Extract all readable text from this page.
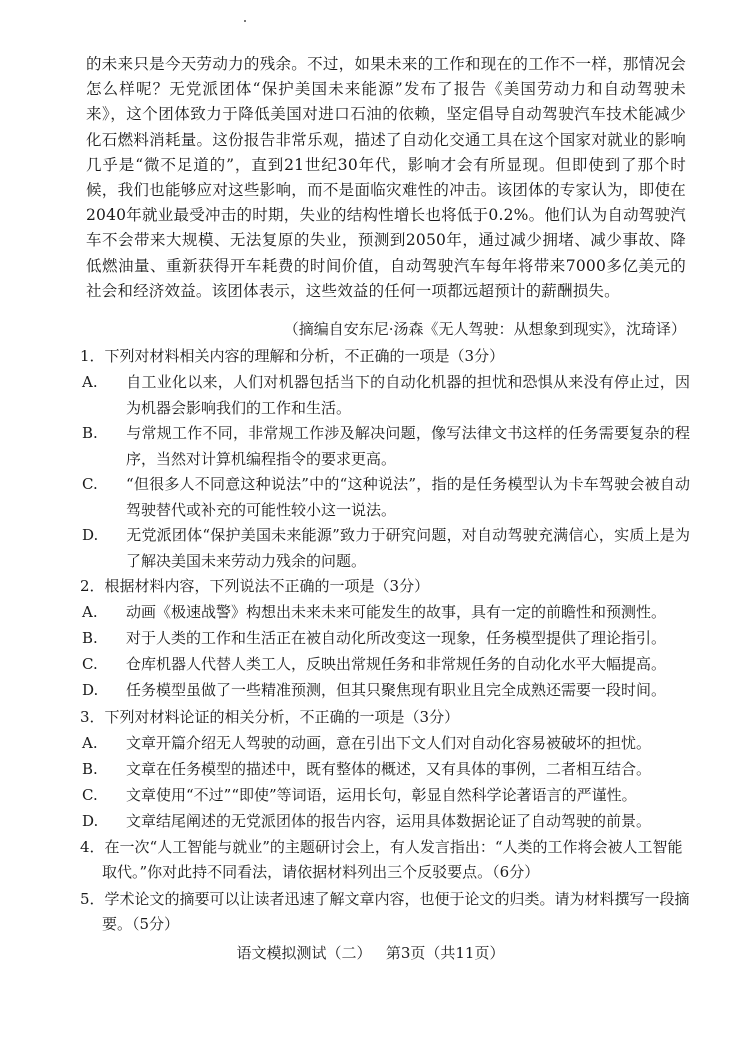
的未来只是今天劳动力的残余。不过，如果未来的工作和现在的工作不一样，那情况会怎么样呢？无党派团体“保护美国未来能源”发布了报告《美国劳动力和自动驾驶未来》，这个团体致力于降低美国对进口石油的依赖，坚定倡导自动驾驶汽车技术能减少化石燃料消耗量。这份报告非常乐观，描述了自动化交通工具在这个国家对就业的影响几乎是“微不足道的”，直到21世纪30年代，影响才会有所显现。但即使到了那个时候，我们也能够应对这些影响，而不是面临灾难性的冲击。该团体的专家认为，即使在2040年就业最受冲击的时期，失业的结构性增长也将低于0.2%。他们认为自动驾驶汽车不会带来大规模、无法复原的失业，预测到2050年，通过减少拥堵、减少事故、降低燃油量、重新获得开车耗费的时间价值，自动驾驶汽车每年将带来7000多亿美元的社会和经济效益。该团体表示，这些效益的任何一项都远超预计的薪酬损失。

（摘编自安东尼·汤森《无人驾驶：从想象到现实》，沈琦译）
1．下列对材料相关内容的理解和分析，不正确的一项是（3分）
A. 自工业化以来，人们对机器包括当下的自动化机器的担忧和恐惧从来没有停止过，因为机器会影响我们的工作和生活。
B. 与常规工作不同，非常规工作涉及解决问题，像写法律文书这样的任务需要复杂的程序，当然对计算机编程指令的要求更高。
C. “但很多人不同意这种说法”中的“这种说法”，指的是任务模型认为卡车驾驶会被自动驾驶替代或补充的可能性较小这一说法。
D. 无党派团体“保护美国未来能源”致力于研究问题，对自动驾驶充满信心，实质上是为了解决美国未来劳动力残余的问题。
2．根据材料内容，下列说法不正确的一项是（3分）
A. 动画《极速战警》构想出未来未来可能发生的故事，具有一定的前瞻性和预测性。
B. 对于人类的工作和生活正在被自动化所改变这一现象，任务模型提供了理论指引。
C. 仓库机器人代替人类工人，反映出常规任务和非常规任务的自动化水平大幅提高。
D. 任务模型虽做了一些精准预测，但其只聚焦现有职业且完全成熟还需要一段时间。
3．下列对材料论证的相关分析，不正确的一项是（3分）
A. 文章开篇介绍无人驾驶的动画，意在引出下文人们对自动化容易被破坏的担忧。
B. 文章在任务模型的描述中，既有整体的概述，又有具体的事例，二者相互结合。
C. 文章使用“不过”“即使”等词语，运用长句，彰显自然科学论著语言的严谨性。
D. 文章结尾阐述的无党派团体的报告内容，运用具体数据论证了自动驾驶的前景。
4．在一次“人工智能与就业”的主题研讨会上，有人发言指出：“人类的工作将会被人工智能取代。”你对此持不同看法，请依据材料列出三个反驳要点。（6分）
5．学术论文的摘要可以让读者迅速了解文章内容，也便于论文的归类。请为材料撰写一段摘要。（5分）
语文模拟测试（二）   第3页（共11页）
